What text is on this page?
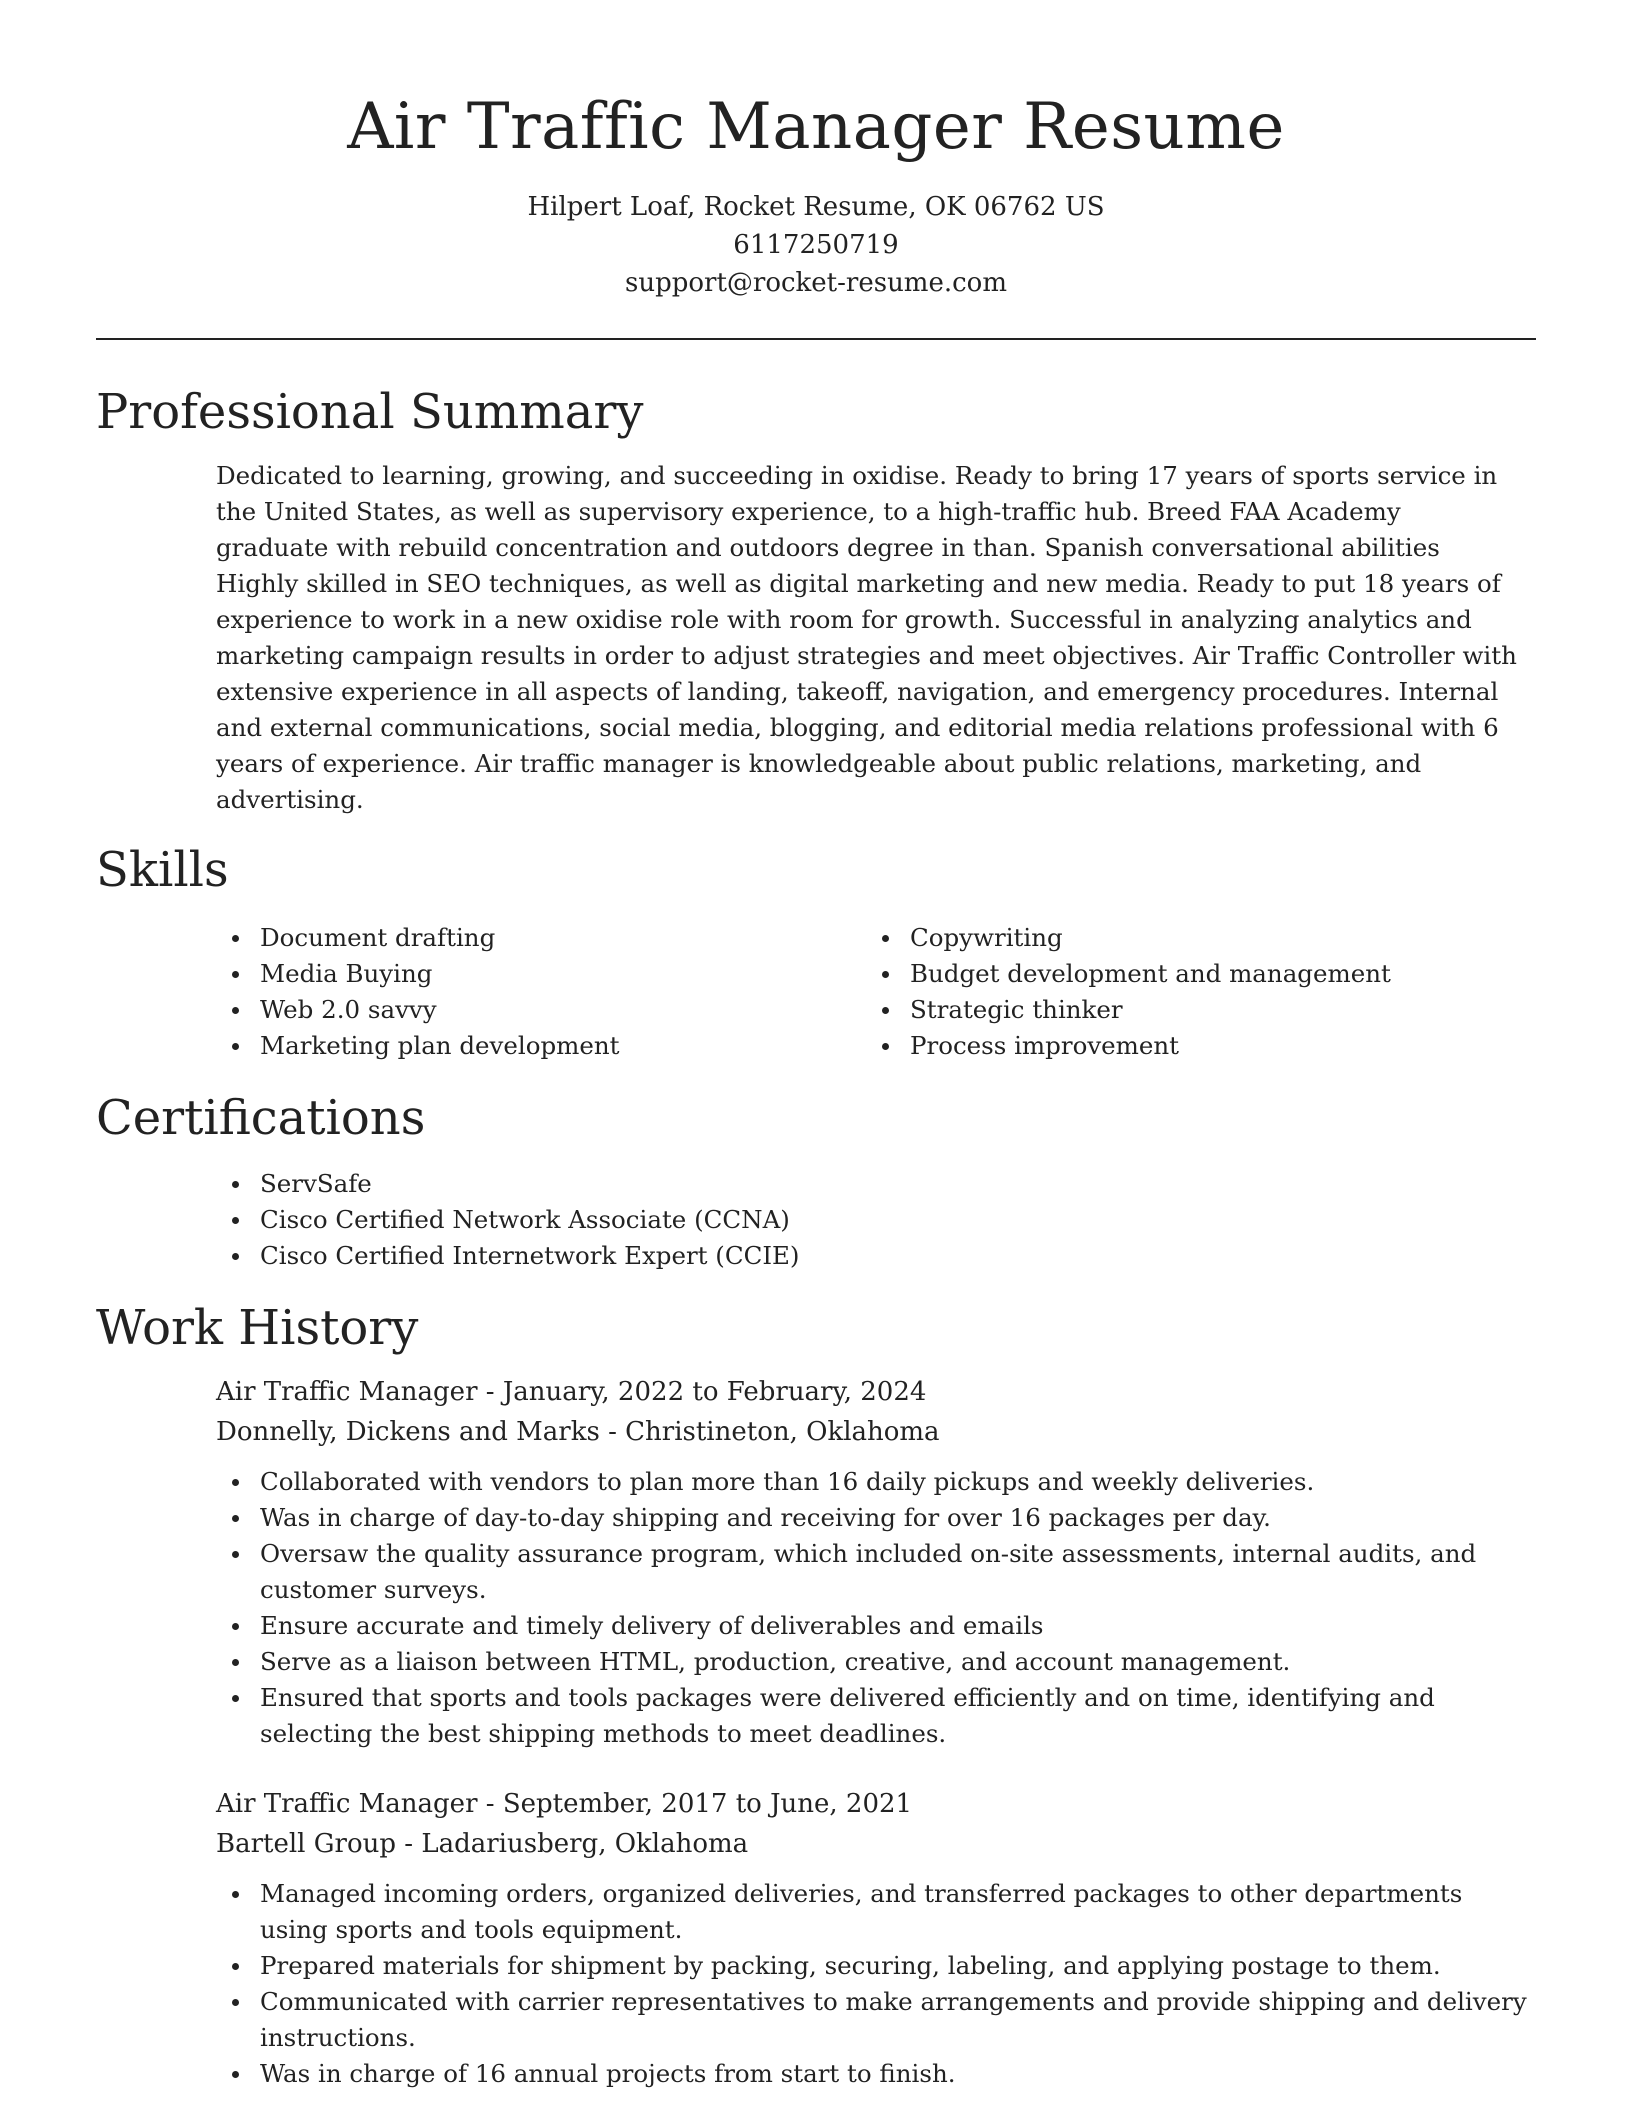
Air Traffic Manager Resume
Hilpert Loaf, Rocket Resume, OK 06762 US
6117250719
support@rocket-resume.com
Professional Summary

Dedicated to learning, growing, and succeeding in oxidise. Ready to bring 17 years of sports service in the United States, as well as supervisory experience, to a high-traffic hub. Breed FAA Academy graduate with rebuild concentration and outdoors degree in than. Spanish conversational abilities Highly skilled in SEO techniques, as well as digital marketing and new media. Ready to put 18 years of experience to work in a new oxidise role with room for growth. Successful in analyzing analytics and marketing campaign results in order to adjust strategies and meet objectives. Air Traffic Controller with extensive experience in all aspects of landing, takeoff, navigation, and emergency procedures. Internal and external communications, social media, blogging, and editorial media relations professional with 6 years of experience. Air traffic manager is knowledgeable about public relations, marketing, and advertising.

Skills
Document drafting
Media Buying
Web 2.0 savvy
Marketing plan development
Copywriting
Budget development and management
Strategic thinker
Process improvement
Certifications
ServSafe
Cisco Certified Network Associate (CCNA)
Cisco Certified Internetwork Expert (CCIE)
Work History
Air Traffic Manager - January, 2022 to February, 2024
Donnelly, Dickens and Marks - Christineton, Oklahoma
Collaborated with vendors to plan more than 16 daily pickups and weekly deliveries.
Was in charge of day-to-day shipping and receiving for over 16 packages per day.
Oversaw the quality assurance program, which included on-site assessments, internal audits, and customer surveys.
Ensure accurate and timely delivery of deliverables and emails
Serve as a liaison between HTML, production, creative, and account management.
Ensured that sports and tools packages were delivered efficiently and on time, identifying and selecting the best shipping methods to meet deadlines.
Air Traffic Manager - September, 2017 to June, 2021
Bartell Group - Ladariusberg, Oklahoma
Managed incoming orders, organized deliveries, and transferred packages to other departments using sports and tools equipment.
Prepared materials for shipment by packing, securing, labeling, and applying postage to them.
Communicated with carrier representatives to make arrangements and provide shipping and delivery instructions.
Was in charge of 16 annual projects from start to finish.
